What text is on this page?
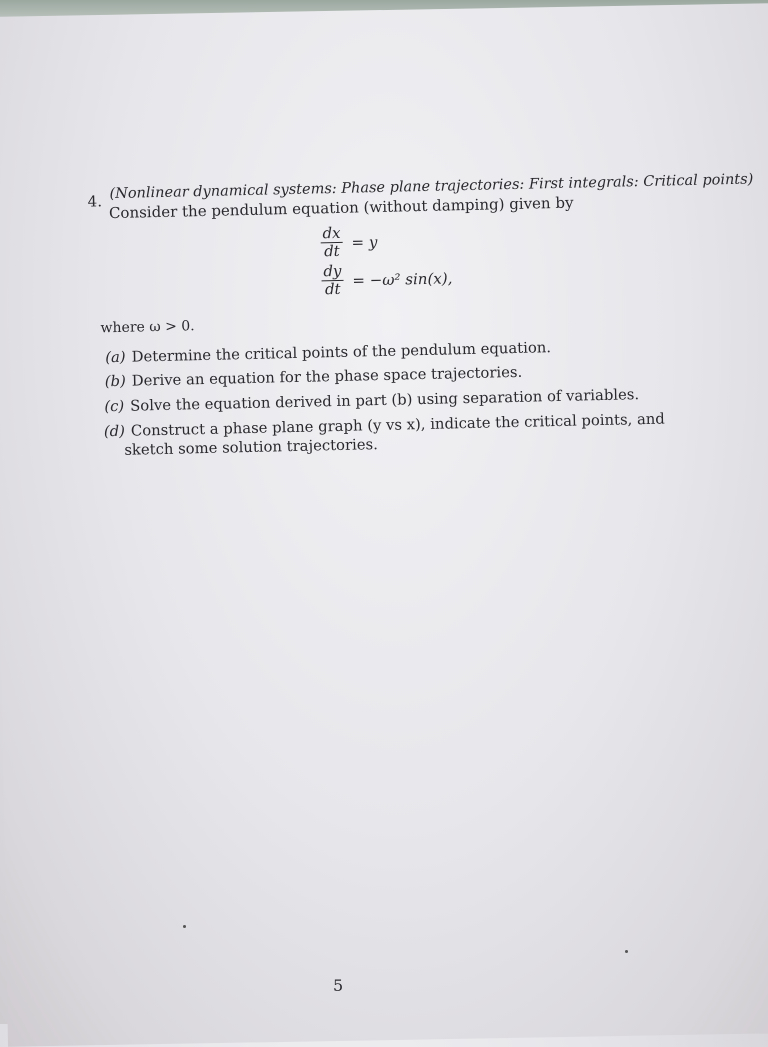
4. (Nonlinear dynamical systems: Phase plane trajectories: First integrals: Critical points)
Consider the pendulum equation (without damping) given by
$\frac{dx}{dt} = y$
$\frac{dy}{dt} = -\omega^2$ sin(x),
where ω > 0.
(a) Determine the critical points of the pendulum equation.
(b) Derive an equation for the phase space trajectories.
(c) Solve the equation derived in part (b) using separation of variables.
(d) Construct a phase plane graph (y vs x), indicate the critical points, and
sketch some solution trajectories.
5
